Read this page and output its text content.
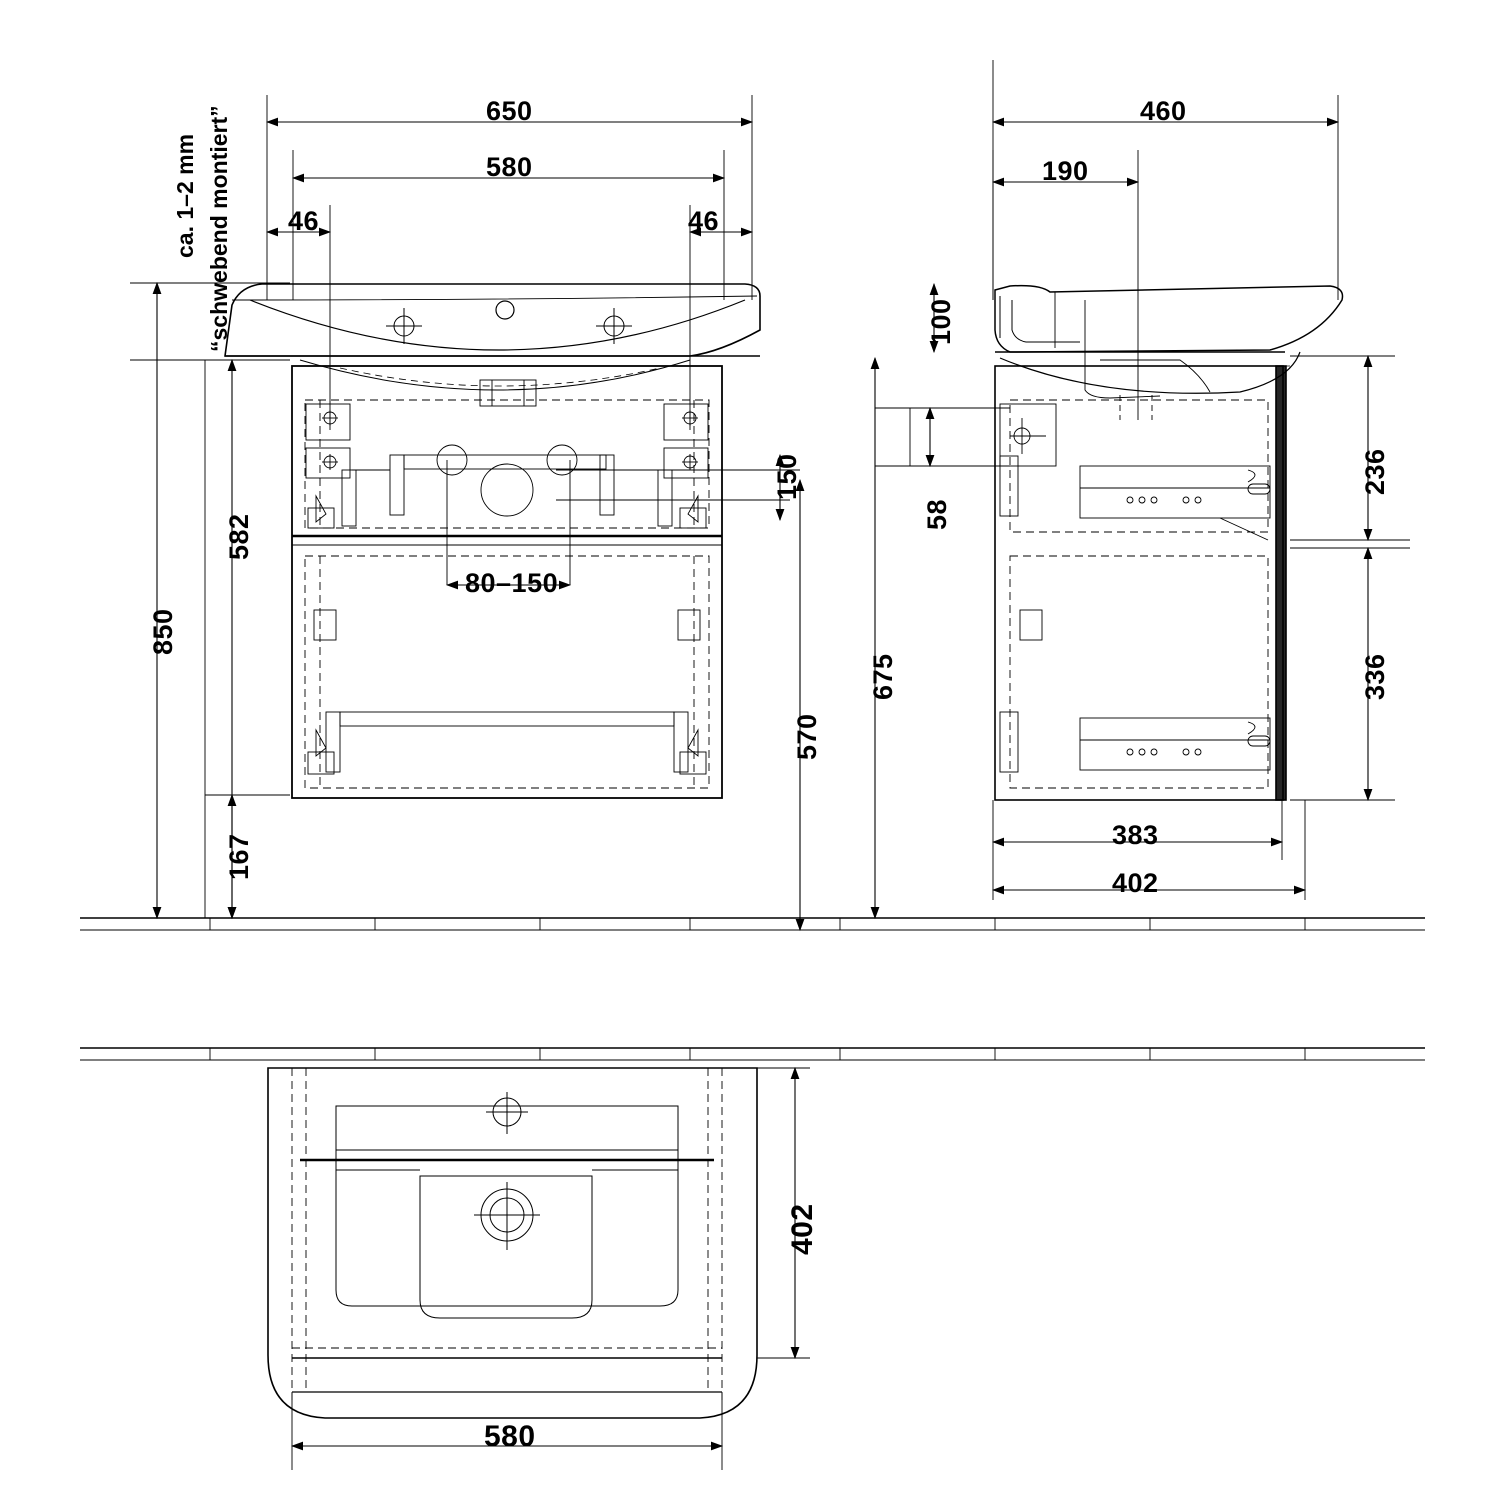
650
580
46	46
80–150
850
582
167
570
150
ca. 1–2 mm “schwebend montiert”	460
190
383
402
100
58
675
236
336
402
580
